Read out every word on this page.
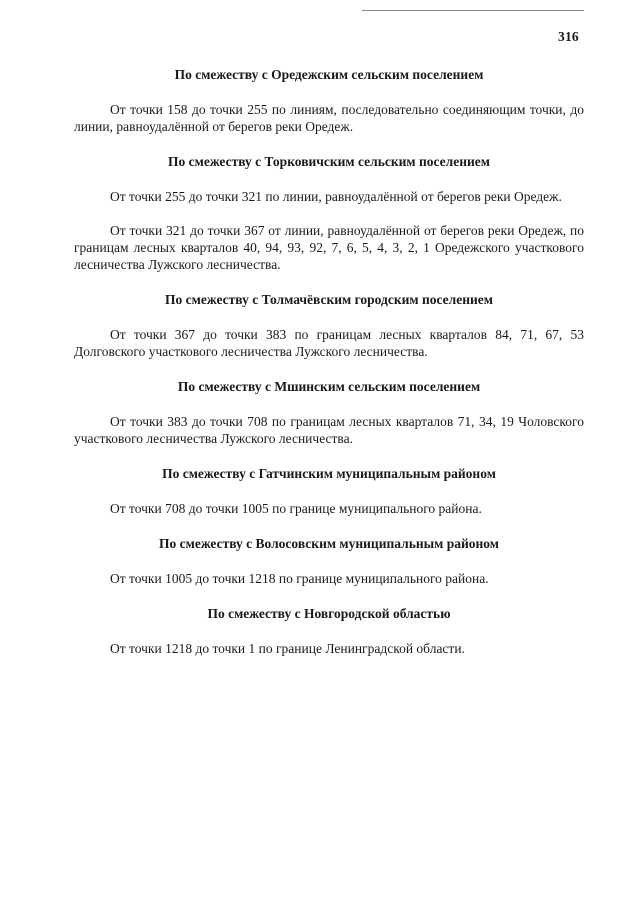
316

По смежеству с Оредежским сельским поселением

От точки 158 до точки 255 по линиям, последовательно соединяющим точки, до линии, равноудалённой от берегов реки Оредеж.

По смежеству с Торковичским сельским поселением

От точки 255 до точки 321 по линии, равноудалённой от берегов реки Оредеж.

От точки 321 до точки 367 от линии, равноудалённой от берегов реки Оредеж, по границам лесных кварталов 40, 94, 93, 92, 7, 6, 5, 4, 3, 2, 1 Оредежского участкового лесничества Лужского лесничества.

По смежеству с Толмачёвским городским поселением

От точки 367 до точки 383 по границам лесных кварталов 84, 71, 67, 53 Долговского участкового лесничества Лужского лесничества.

По смежеству с Мшинским сельским поселением

От точки 383 до точки 708 по границам лесных кварталов 71, 34, 19 Чоловского участкового лесничества Лужского лесничества.

По смежеству с Гатчинским муниципальным районом

От точки 708 до точки 1005 по границе муниципального района.

По смежеству с Волосовским муниципальным районом

От точки 1005 до точки 1218 по границе муниципального района.

По смежеству с Новгородской областью

От точки 1218 до точки 1 по границе Ленинградской области.
